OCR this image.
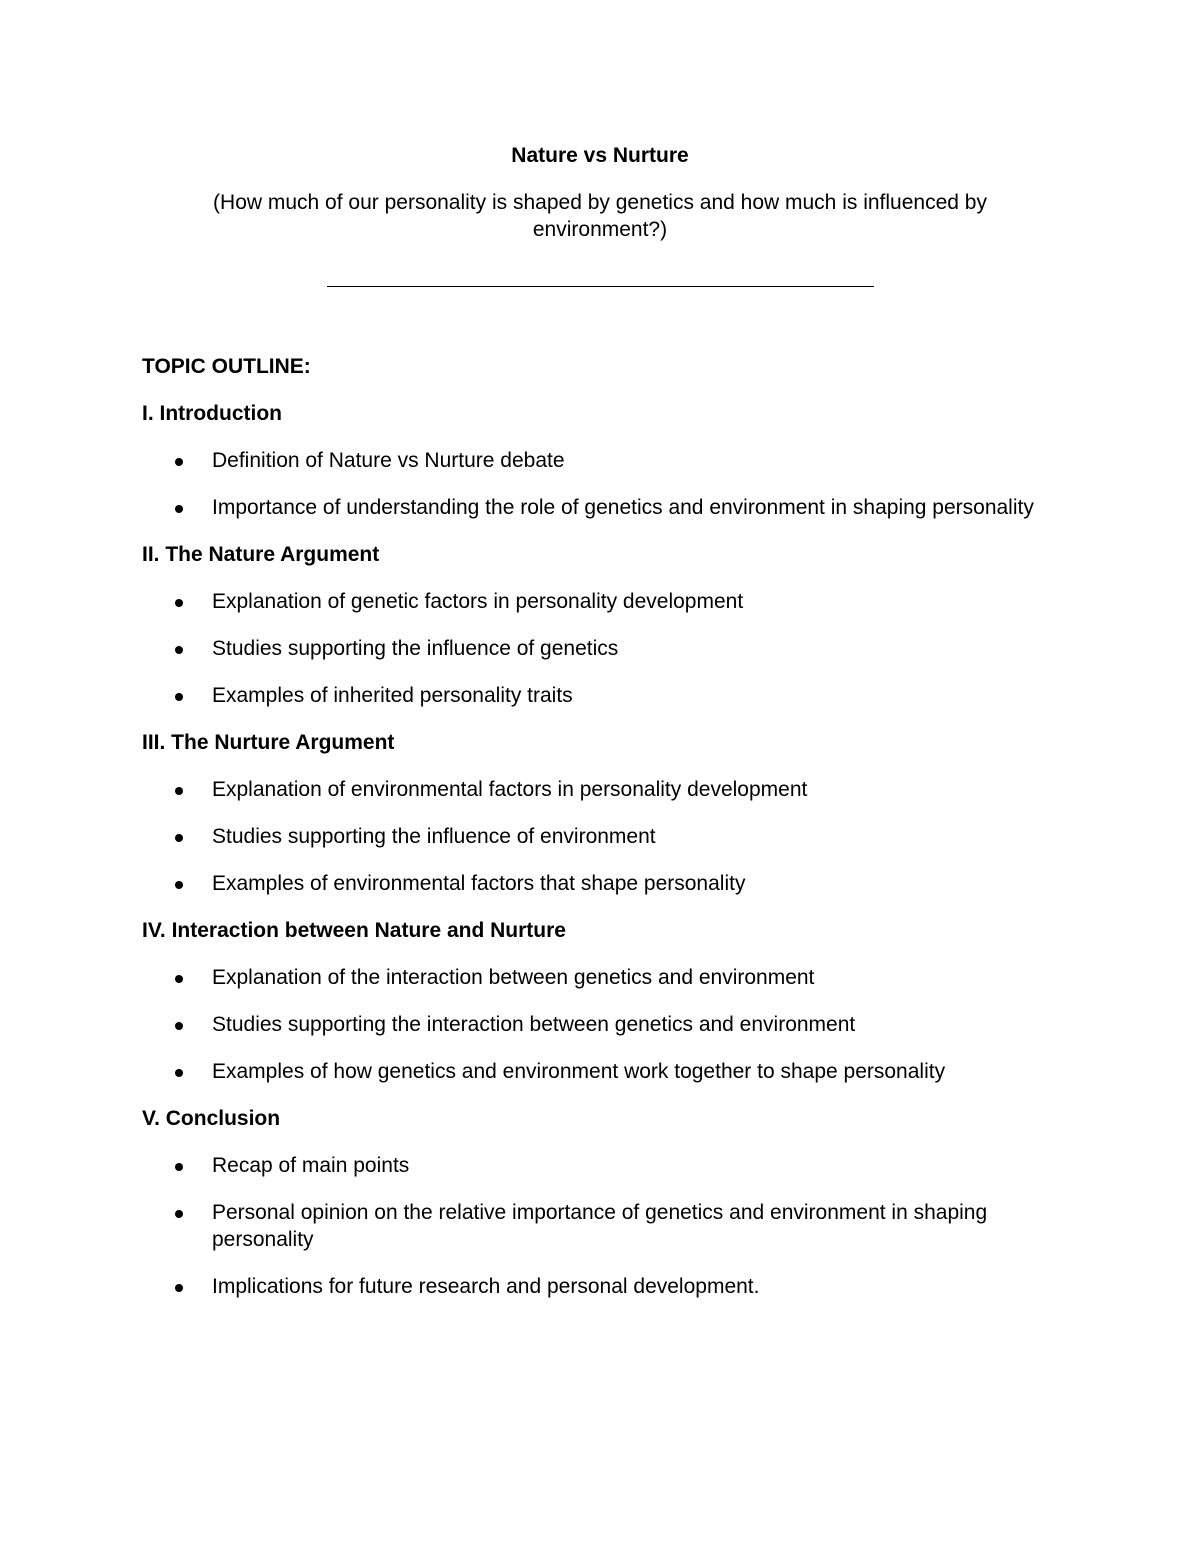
Nature vs Nurture
(How much of our personality is shaped by genetics and how much is influenced by environment?)
TOPIC OUTLINE:
I. Introduction
Definition of Nature vs Nurture debate
Importance of understanding the role of genetics and environment in shaping personality
II. The Nature Argument
Explanation of genetic factors in personality development
Studies supporting the influence of genetics
Examples of inherited personality traits
III. The Nurture Argument
Explanation of environmental factors in personality development
Studies supporting the influence of environment
Examples of environmental factors that shape personality
IV. Interaction between Nature and Nurture
Explanation of the interaction between genetics and environment
Studies supporting the interaction between genetics and environment
Examples of how genetics and environment work together to shape personality
V. Conclusion
Recap of main points
Personal opinion on the relative importance of genetics and environment in shaping personality
Implications for future research and personal development.
